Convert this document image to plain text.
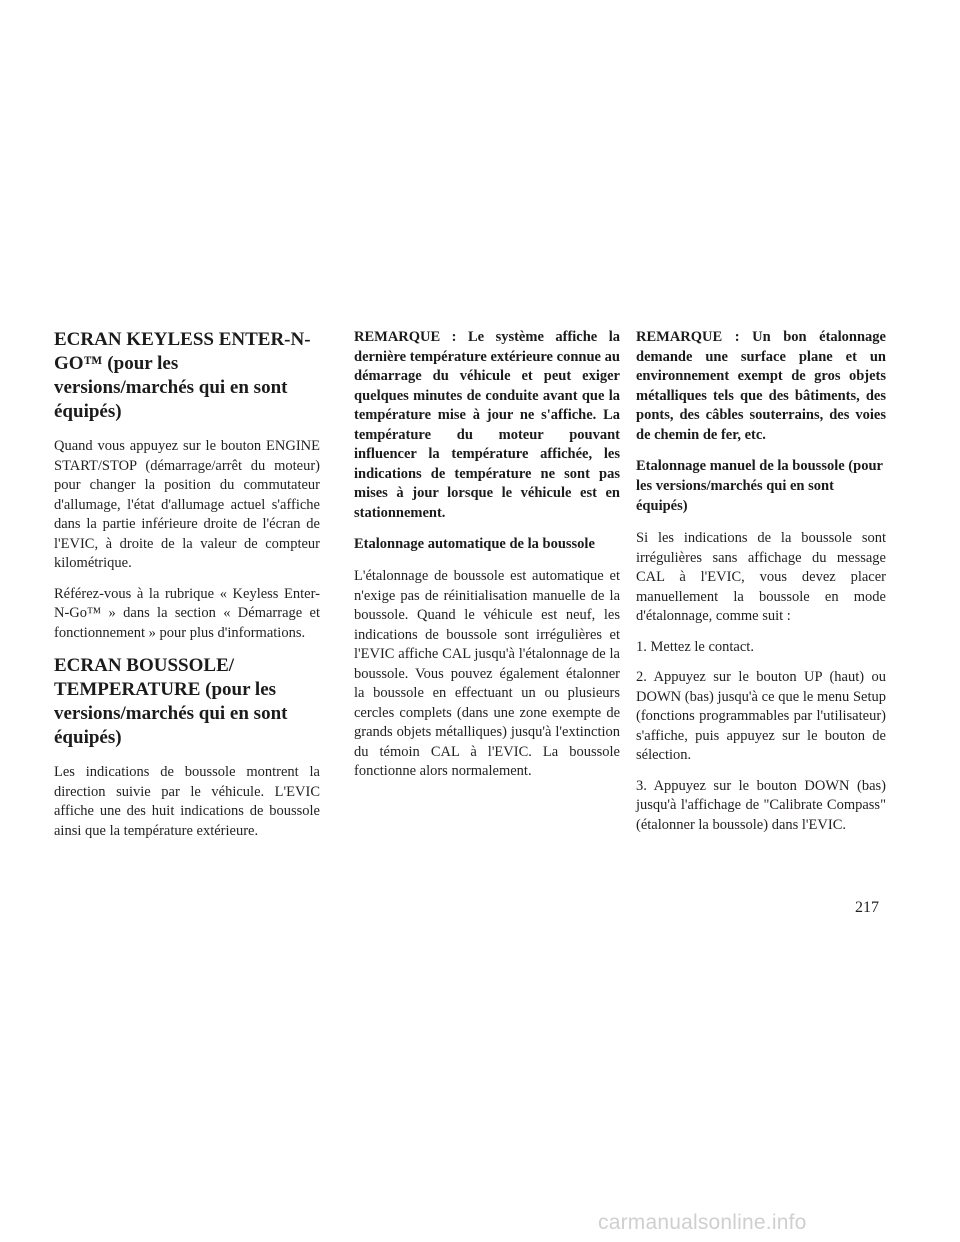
ECRAN KEYLESS ENTER-N-GO™ (pour les versions/marchés qui en sont équipés)

Quand vous appuyez sur le bouton ENGINE START/STOP (démarrage/arrêt du moteur) pour changer la position du commutateur d'allumage, l'état d'allumage actuel s'affiche dans la partie inférieure droite de l'écran de l'EVIC, à droite de la valeur de compteur kilométrique.

Référez-vous à la rubrique « Keyless Enter-N-Go™ » dans la section « Démarrage et fonctionnement » pour plus d'informations.

ECRAN BOUSSOLE/ TEMPERATURE (pour les versions/marchés qui en sont équipés)

Les indications de boussole montrent la direction suivie par le véhicule. L'EVIC affiche une des huit indications de boussole ainsi que la température extérieure.

REMARQUE : Le système affiche la dernière température extérieure connue au démarrage du véhicule et peut exiger quelques minutes de conduite avant que la température mise à jour ne s'affiche. La température du moteur pouvant influencer la température affichée, les indications de température ne sont pas mises à jour lorsque le véhicule est en stationnement.

Etalonnage automatique de la boussole

L'étalonnage de boussole est automatique et n'exige pas de réinitialisation manuelle de la boussole. Quand le véhicule est neuf, les indications de boussole sont irrégulières et l'EVIC affiche CAL jusqu'à l'étalonnage de la boussole. Vous pouvez également étalonner la boussole en effectuant un ou plusieurs cercles complets (dans une zone exempte de grands objets métalliques) jusqu'à l'extinction du témoin CAL à l'EVIC. La boussole fonctionne alors normalement.

REMARQUE : Un bon étalonnage demande une surface plane et un environnement exempt de gros objets métalliques tels que des bâtiments, des ponts, des câbles souterrains, des voies de chemin de fer, etc.

Etalonnage manuel de la boussole (pour les versions/marchés qui en sont équipés)

Si les indications de la boussole sont irrégulières sans affichage du message CAL à l'EVIC, vous devez placer manuellement la boussole en mode d'étalonnage, comme suit :

1. Mettez le contact.

2. Appuyez sur le bouton UP (haut) ou DOWN (bas) jusqu'à ce que le menu Setup (fonctions programmables par l'utilisateur) s'affiche, puis appuyez sur le bouton de sélection.

3. Appuyez sur le bouton DOWN (bas) jusqu'à l'affichage de "Calibrate Compass" (étalonner la boussole) dans l'EVIC.

217
carmanualsonline.info
